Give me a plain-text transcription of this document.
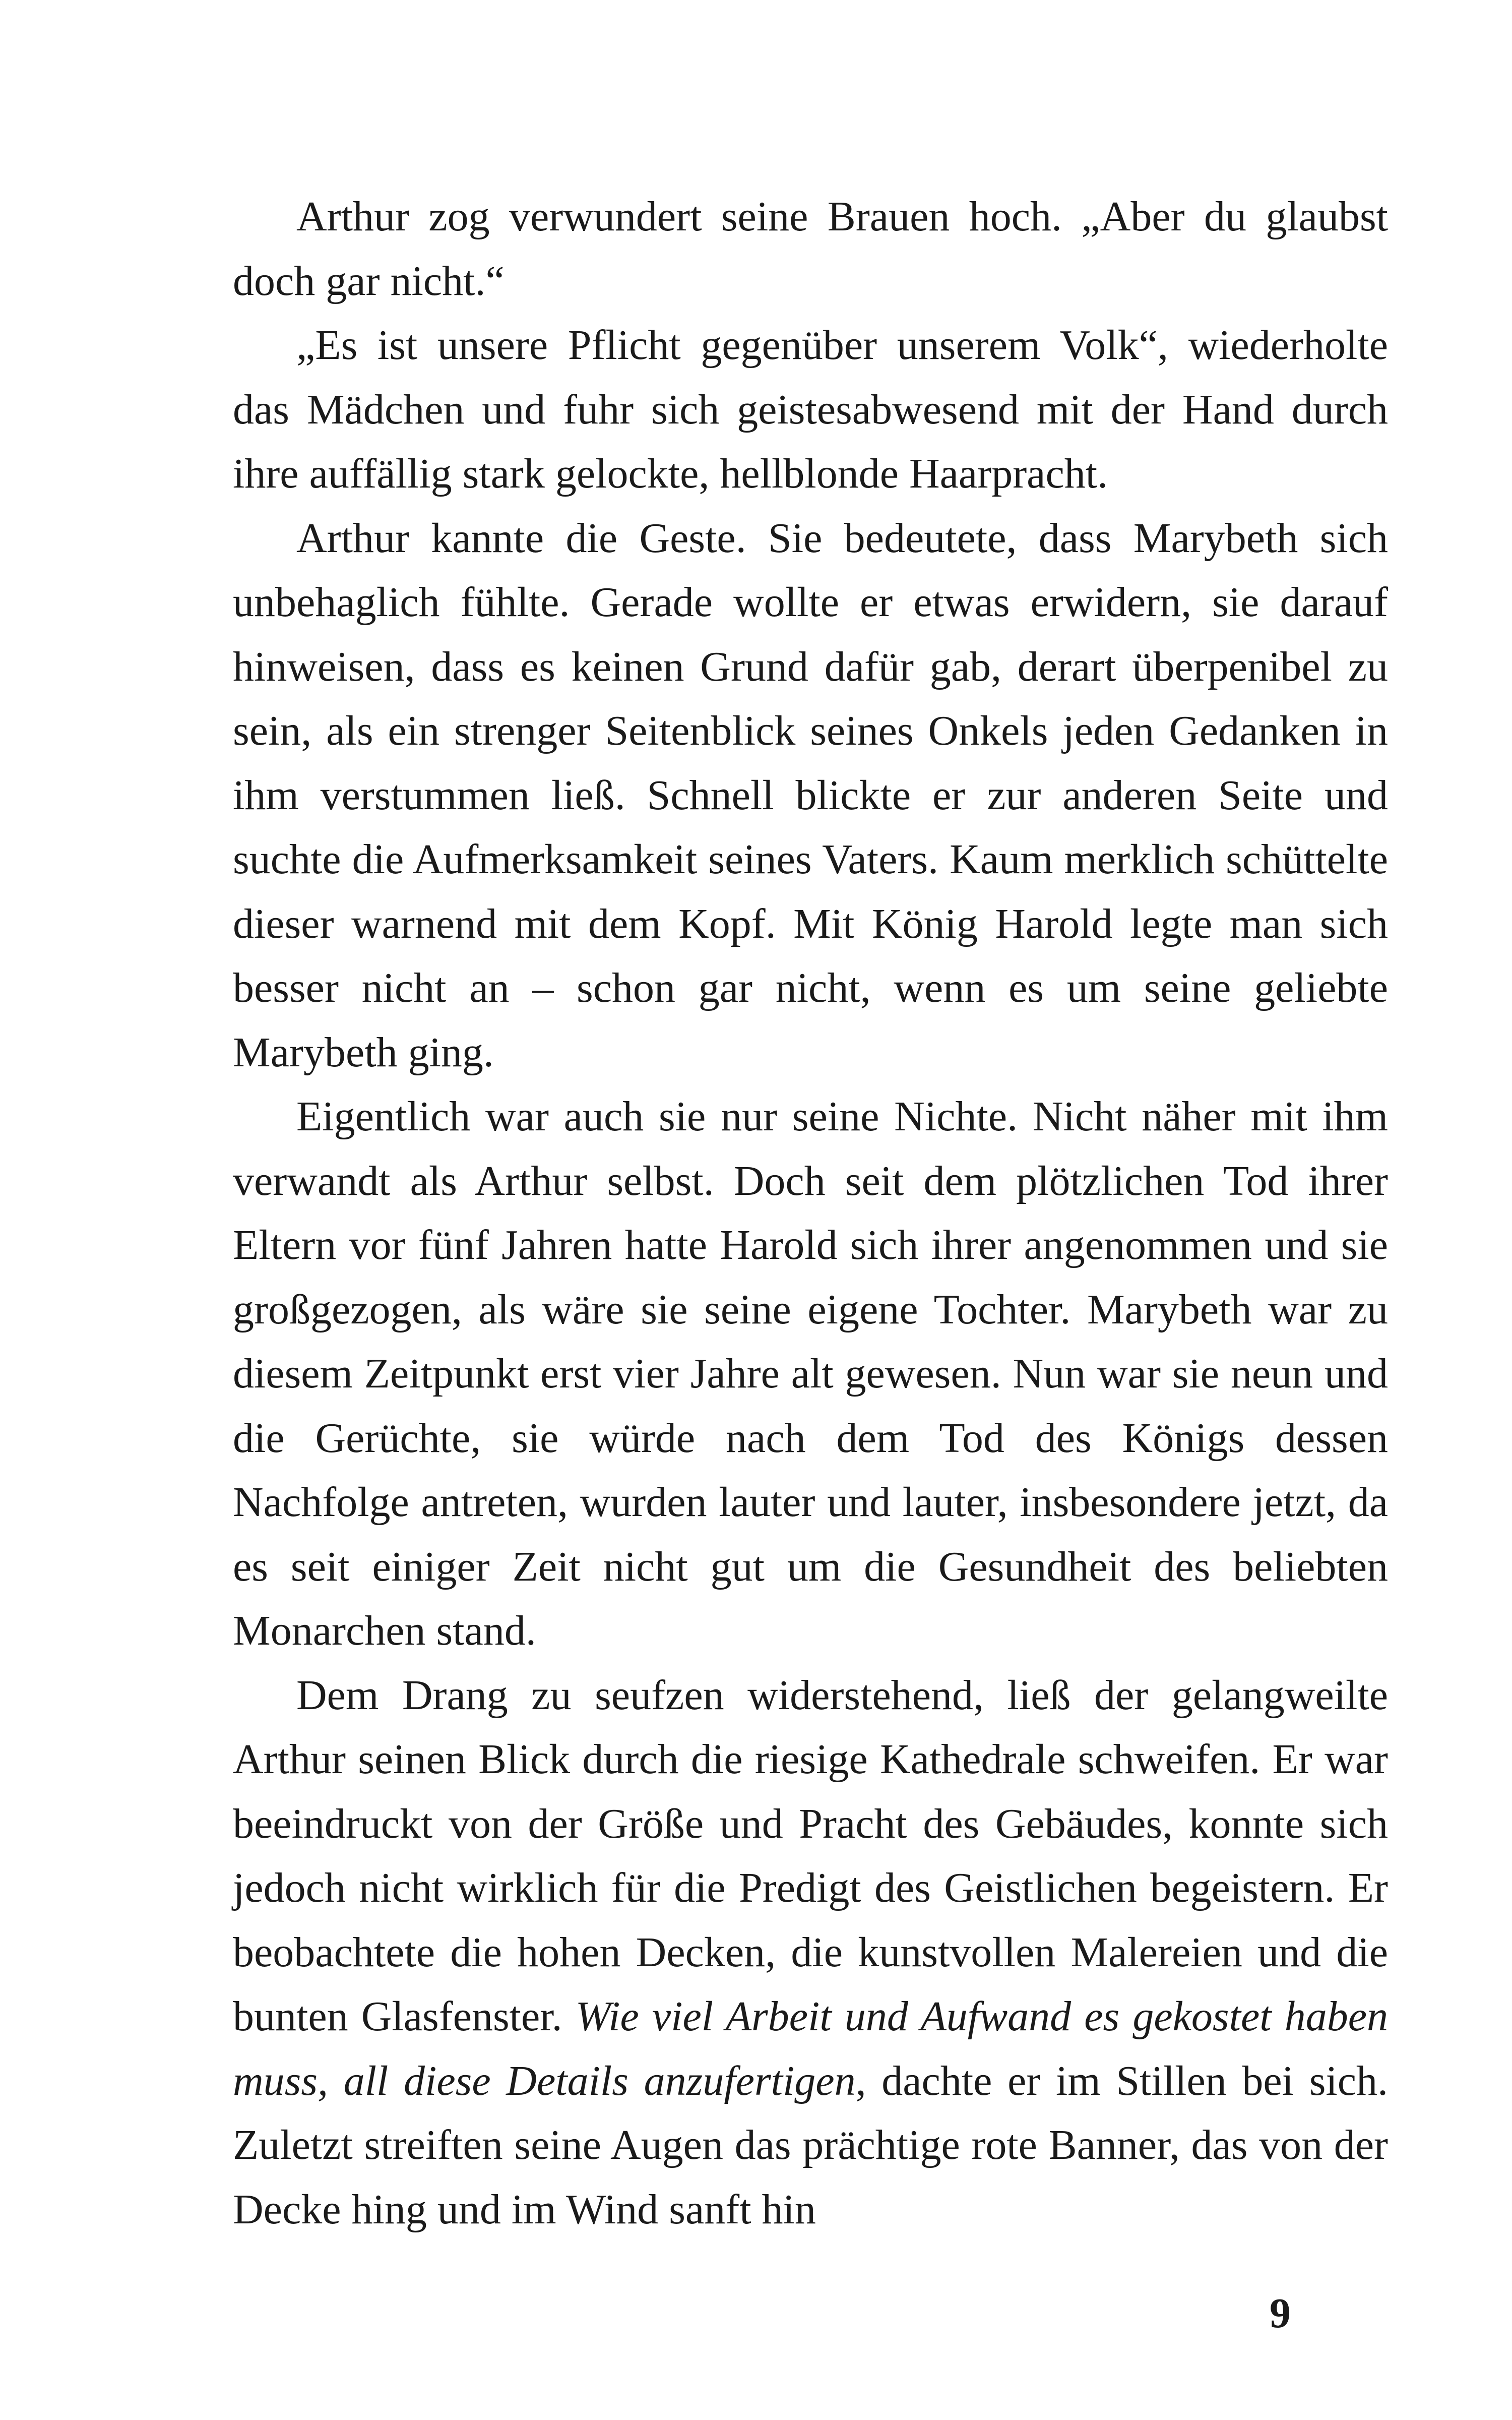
Arthur zog verwundert seine Brauen hoch. „Aber du glaubst doch gar nicht.“

„Es ist unsere Pflicht gegenüber unserem Volk“, wiederholte das Mädchen und fuhr sich geistesabwesend mit der Hand durch ihre auffällig stark gelockte, hellblonde Haarpracht.

Arthur kannte die Geste. Sie bedeutete, dass Marybeth sich unbehaglich fühlte. Gerade wollte er etwas erwidern, sie darauf hinweisen, dass es keinen Grund dafür gab, derart überpenibel zu sein, als ein strenger Seitenblick seines Onkels jeden Gedanken in ihm verstummen ließ. Schnell blickte er zur anderen Seite und suchte die Aufmerksamkeit seines Vaters. Kaum merklich schüttelte dieser warnend mit dem Kopf. Mit König Harold legte man sich besser nicht an – schon gar nicht, wenn es um seine geliebte Marybeth ging.

Eigentlich war auch sie nur seine Nichte. Nicht näher mit ihm verwandt als Arthur selbst. Doch seit dem plötzlichen Tod ihrer Eltern vor fünf Jahren hatte Harold sich ihrer angenommen und sie großgezogen, als wäre sie seine eigene Tochter. Marybeth war zu diesem Zeitpunkt erst vier Jahre alt gewesen. Nun war sie neun und die Gerüchte, sie würde nach dem Tod des Königs dessen Nachfolge antreten, wurden lauter und lauter, insbesondere jetzt, da es seit einiger Zeit nicht gut um die Gesundheit des beliebten Monarchen stand.

Dem Drang zu seufzen widerstehend, ließ der gelangweilte Arthur seinen Blick durch die riesige Kathedrale schweifen. Er war beeindruckt von der Größe und Pracht des Gebäudes, konnte sich jedoch nicht wirklich für die Predigt des Geistlichen begeistern. Er beobachtete die hohen Decken, die kunstvollen Malereien und die bunten Glasfenster. Wie viel Arbeit und Aufwand es gekostet haben muss, all diese Details anzufertigen, dachte er im Stillen bei sich. Zuletzt streiften seine Augen das prächtige rote Banner, das von der Decke hing und im Wind sanft hin

9
